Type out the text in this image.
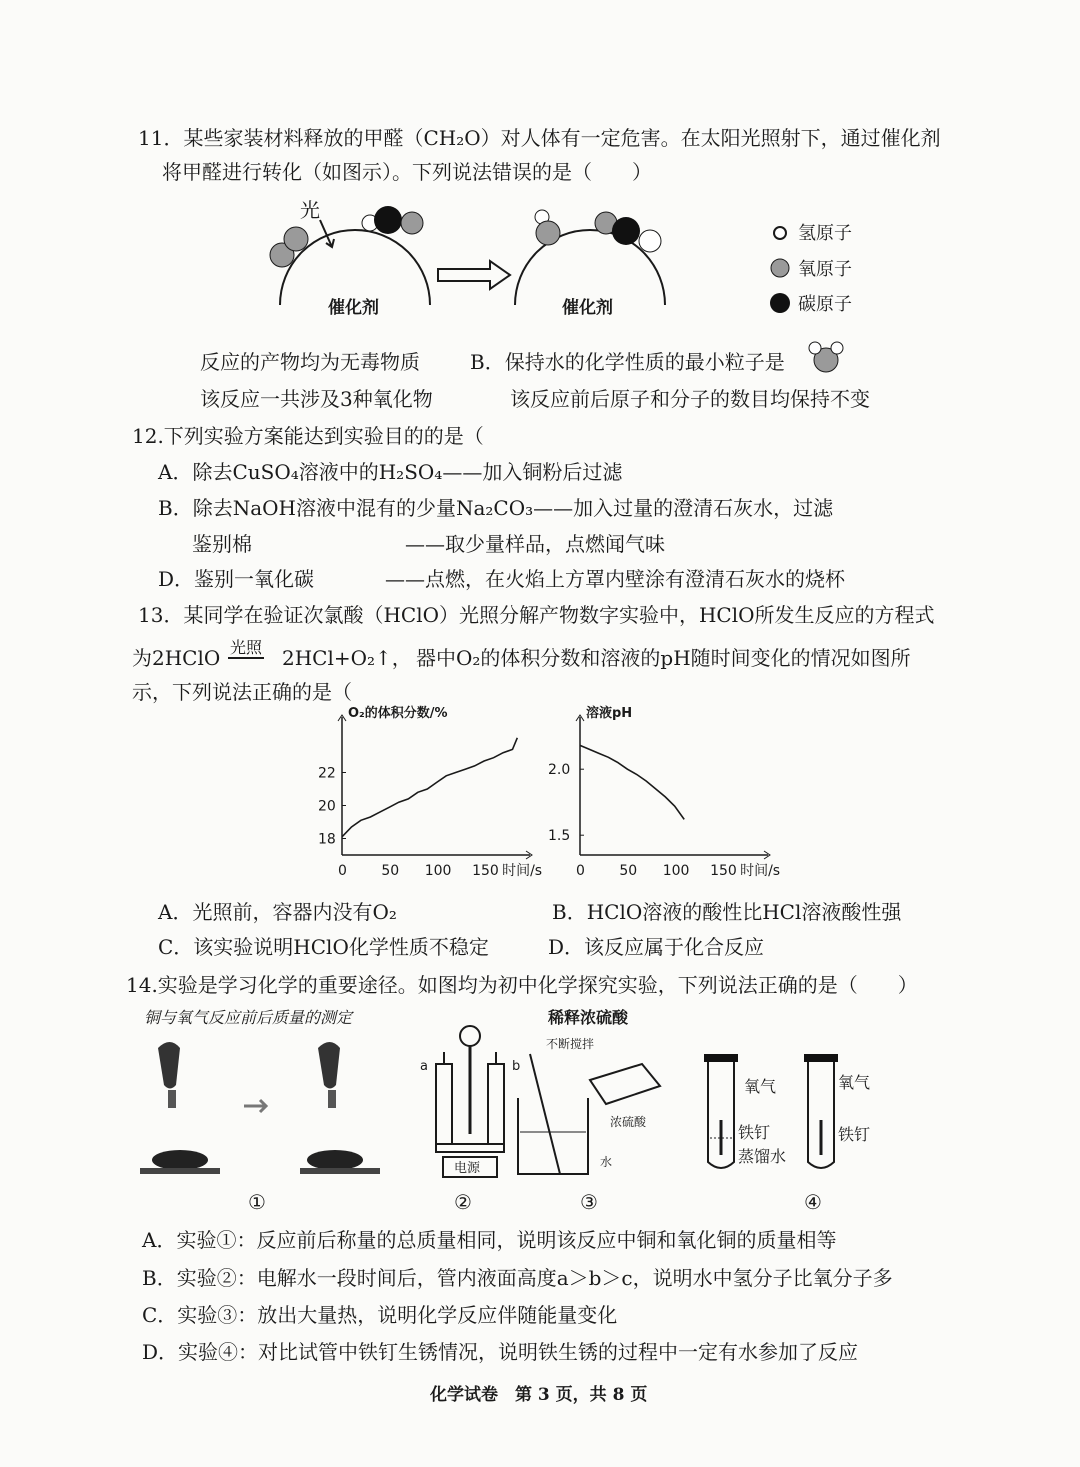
11．某些家装材料释放的甲醛（CH₂O）对人体有一定危害。在太阳光照射下，通过催化剂
将甲醛进行转化（如图示）。下列说法错误的是（　　）
光
催化剂	催化剂
氢原子
氧原子
碳原子
反应的产物均为无毒物质	B．保持水的化学性质的最小粒子是
该反应一共涉及3种氧化物	该反应前后原子和分子的数目均保持不变
12.下列实验方案能达到实验目的的是（
A．除去CuSO₄溶液中的H₂SO₄——加入铜粉后过滤
B．除去NaOH溶液中混有的少量Na₂CO₃——加入过量的澄清石灰水，过滤
鉴别棉	——取少量样品，点燃闻气味
D．鉴别一氧化碳	——点燃，在火焰上方罩内壁涂有澄清石灰水的烧杯
13．某同学在验证次氯酸（HClO）光照分解产物数字实验中，HClO所发生反应的方程式
为2HClO 光照 2HCl+O₂↑， 器中O₂的体积分数和溶液的pH随时间变化的情况如图所
示，下列说法正确的是（
O₂的体积分数/%
0 50 100 150 时间/s
18
20
22
溶液pH
0 50 100 150 时间/s
1.5
2.0
A．光照前，容器内没有O₂	B．HClO溶液的酸性比HCl溶液酸性强
C．该实验说明HClO化学性质不稳定	D．该反应属于化合反应
14.实验是学习化学的重要途径。如图均为初中化学探究实验，下列说法正确的是（　　）
铜与氧气反应前后质量的测定
a	b
电源
稀释浓硫酸
不断搅拌
浓硫酸
水
氧气
铁钉
蒸馏水
氧气
铁钉
①	②	③	④
A．实验①：反应前后称量的总质量相同，说明该反应中铜和氧化铜的质量相等
B．实验②：电解水一段时间后，管内液面高度a＞b＞c，说明水中氢分子比氧分子多
C．实验③：放出大量热，说明化学反应伴随能量变化
D．实验④：对比试管中铁钉生锈情况，说明铁生锈的过程中一定有水参加了反应
化学试卷　第 3 页，共 8 页
